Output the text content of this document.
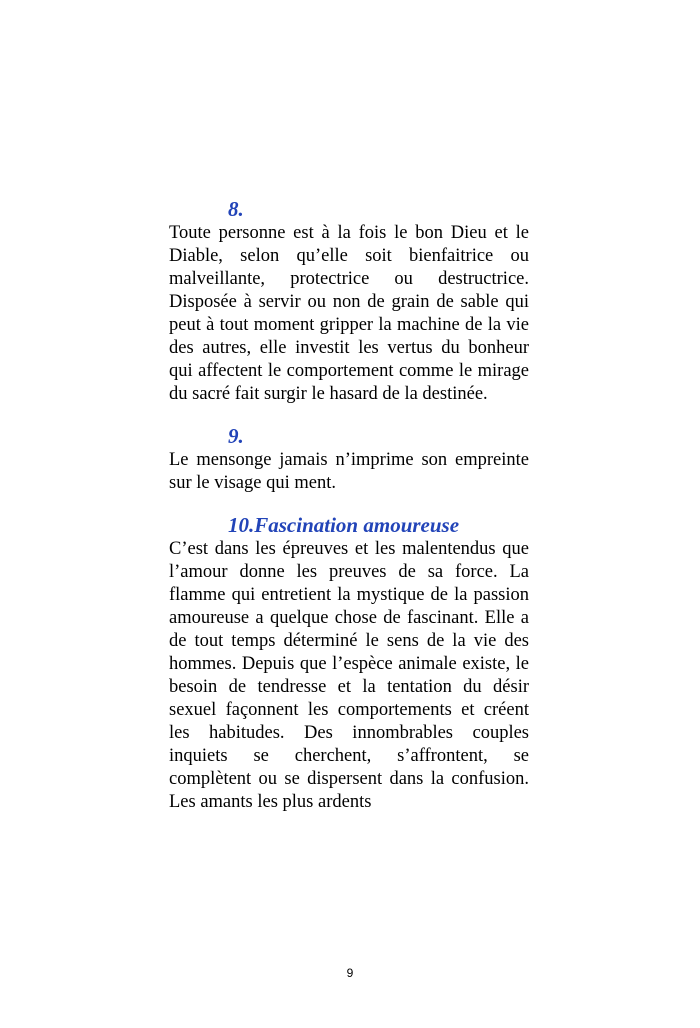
8.

Toute personne est à la fois le bon Dieu et le Diable, selon qu’elle soit bienfaitrice ou malveillante, protectrice ou destructrice. Disposée à servir ou non de grain de sable qui peut à tout moment gripper la machine de la vie des autres, elle investit les vertus du bonheur qui affectent le comportement comme le mirage du sacré fait surgir le hasard de la destinée.

9.

Le mensonge jamais n’imprime son empreinte sur le visage qui ment.

10.Fascination amoureuse

C’est dans les épreuves et les malentendus que l’amour donne les preuves de sa force. La flamme qui entretient la mystique de la passion amoureuse a quelque chose de fascinant. Elle a de tout temps déterminé le sens de la vie des hommes. Depuis que l’espèce animale existe, le besoin de tendresse et la tentation du désir sexuel façonnent les comportements et créent les habitudes. Des innombrables couples inquiets se cherchent, s’affrontent, se complètent ou se dispersent dans la confusion. Les amants les plus ardents

9
